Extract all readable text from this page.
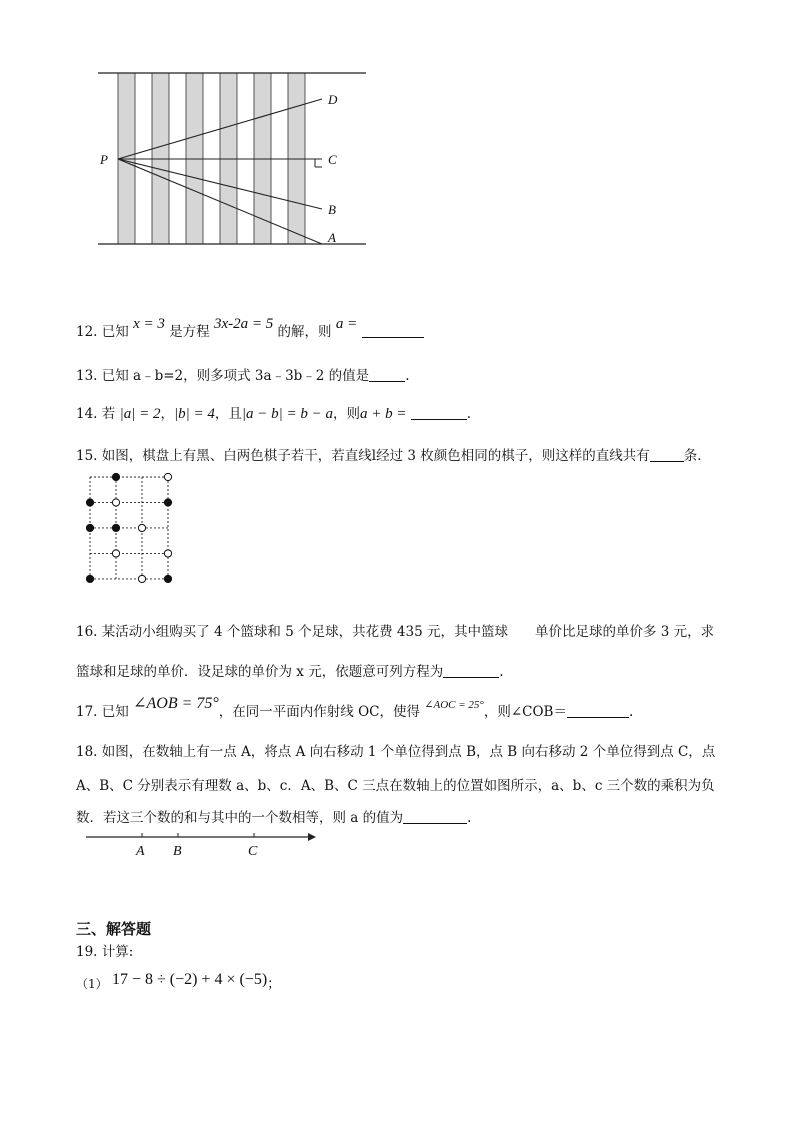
P
D
C
B
A
12. 已知 x = 3 是方程 3x-2a = 5 的解，则 a =
13. 已知 a﹣b=2，则多项式 3a﹣3b﹣2 的值是	.
14. 若 |a| = 2，|b| = 4，且|a − b| = b − a，则a + b =	.
15. 如图，棋盘上有黑、白两色棋子若干，若直线l经过 3 枚颜色相同的棋子，则这样的直线共有	条.
16. 某活动小组购买了 4 个篮球和 5 个足球，共花费 435 元，其中篮球　　单价比足球的单价多 3 元，求
篮球和足球的单价．设足球的单价为 x 元，依题意可列方程为	.
17. 已知 ∠AOB = 75°，在同一平面内作射线 OC，使得 $^{\angle AOC = 25^\circ}$，则∠COB＝	.
18. 如图，在数轴上有一点 A，将点 A 向右移动 1 个单位得到点 B，点 B 向右移动 2 个单位得到点 C，点
A、B、C 分别表示有理数 a、b、c．A、B、C 三点在数轴上的位置如图所示，a、b、c 三个数的乘积为负
数．若这三个数的和与其中的一个数相等，则 a 的值为	.
A B	C
三、解答题
19. 计算:
（1） 17 − 8 ÷ (−2) + 4 × (−5)；
